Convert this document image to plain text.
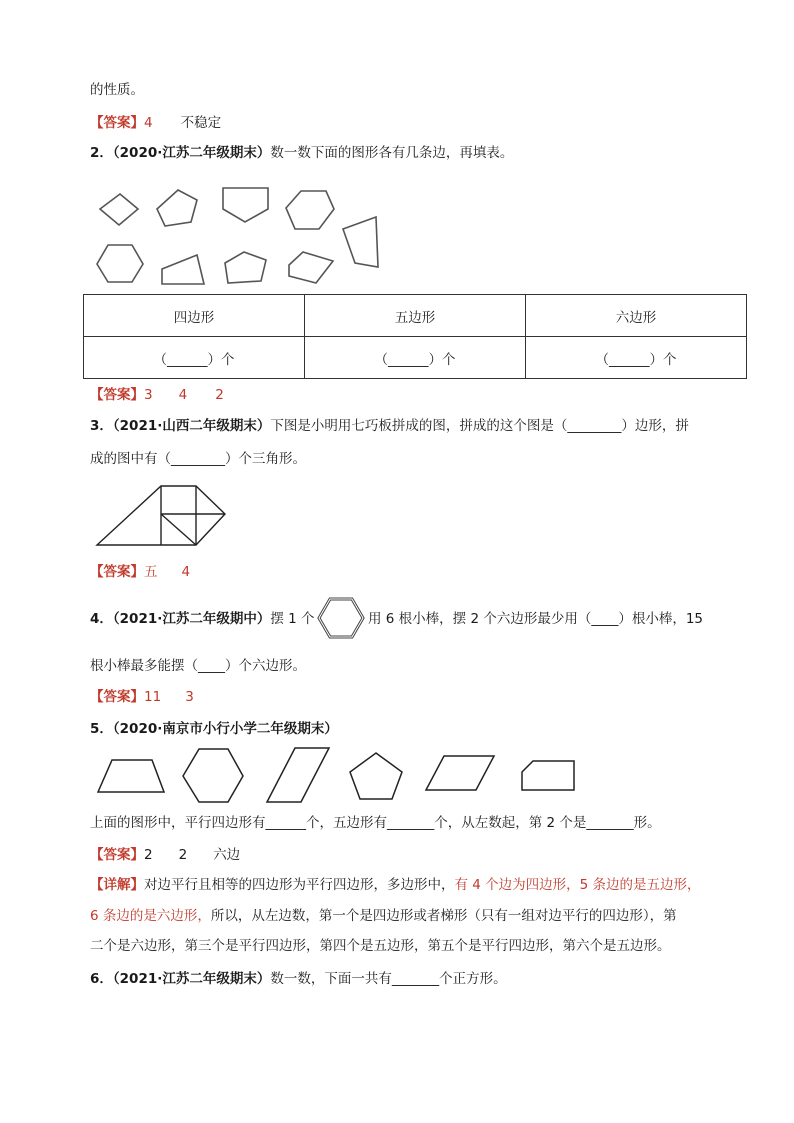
的性质。
【答案】4 不稳定
2．（2020·江苏二年级期末）数一数下面的图形各有几条边，再填表。
四边形	五边形	六边形
（______）个	（______）个	（______）个
【答案】3 4 2
3．（2021·山西二年级期末）下图是小明用七巧板拼成的图，拼成的这个图是（________）边形，拼
成的图中有（________）个三角形。
【答案】五 4
4．（2021·江苏二年级期中）摆 1 个	用 6 根小棒，摆 2 个六边形最少用（____）根小棒，15
根小棒最多能摆（____）个六边形。
【答案】11 3
5．（2020·南京市小行小学二年级期末）
上面的图形中，平行四边形有______个，五边形有_______个，从左数起，第 2 个是_______形。
【答案】2 2 六边
【详解】对边平行且相等的四边形为平行四边形，多边形中，有 4 个边为四边形，5 条边的是五边形，
6 条边的是六边形，所以，从左边数，第一个是四边形或者梯形（只有一组对边平行的四边形），第
二个是六边形，第三个是平行四边形，第四个是五边形，第五个是平行四边形，第六个是五边形。
6．（2021·江苏二年级期末）数一数，下面一共有_______个正方形。
